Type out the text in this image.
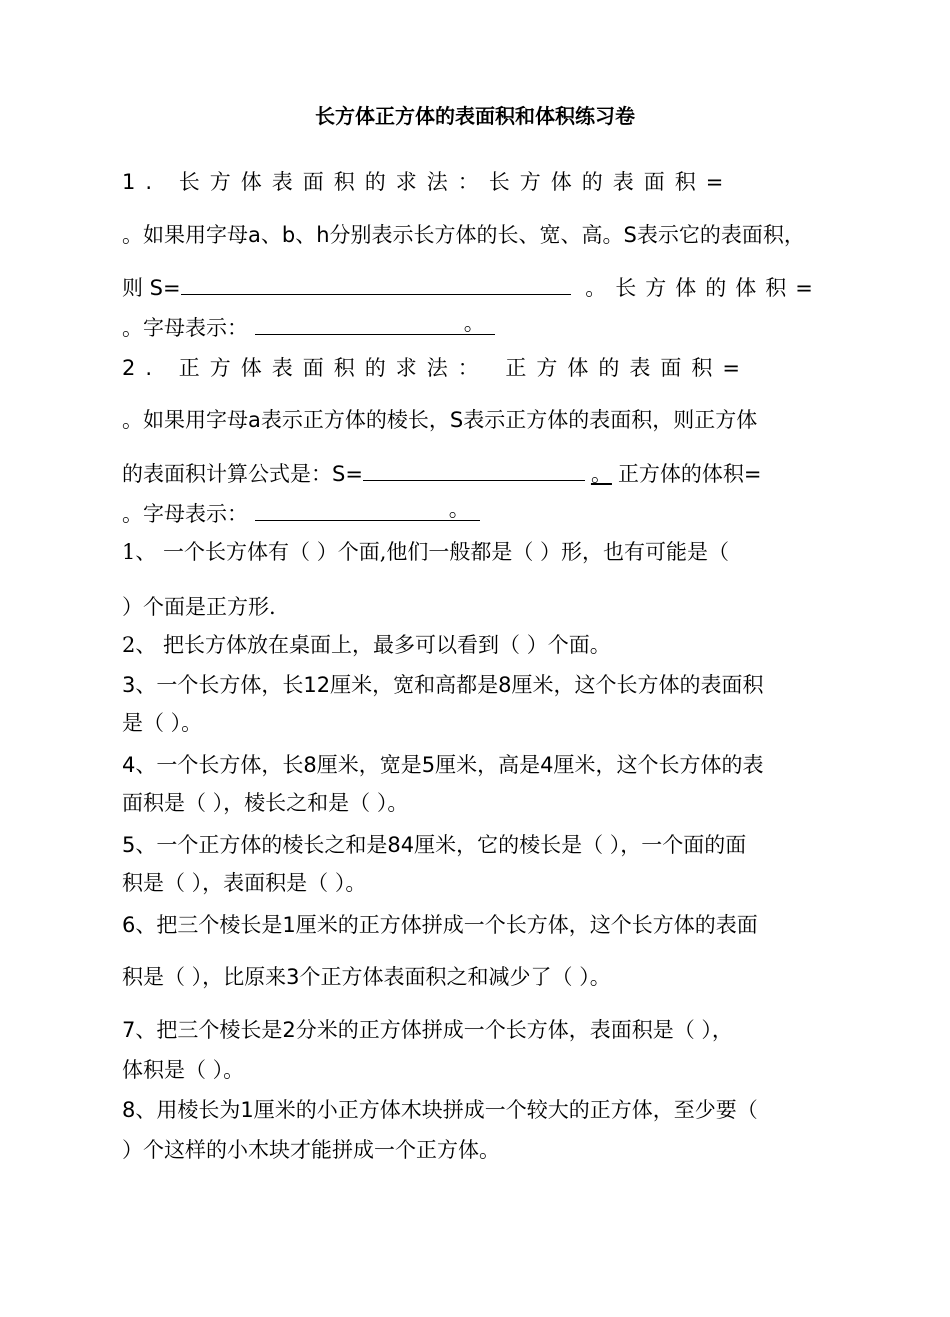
长方体正方体的表面积和体积练习卷
1. 长方体表面积的求法：长方体的表面积=
。如果用字母a、b、h分别表示长方体的长、宽、高。S表示它的表面积，
则 S=	。长方体的体积=
。字母表示：	。
2. 正方体表面积的求法： 正方体的表面积=
。如果用字母a表示正方体的棱长，S表示正方体的表面积，则正方体
的表面积计算公式是：S=	。 正方体的体积=
。字母表示：	。
1、 一个长方体有（ ）个面,他们一般都是（ ）形，也有可能是（
）个面是正方形.
2、 把长方体放在桌面上，最多可以看到（ ）个面。
3、一个长方体，长12厘米，宽和高都是8厘米，这个长方体的表面积
是（ ）。
4、一个长方体，长8厘米，宽是5厘米，高是4厘米，这个长方体的表
面积是（ ），棱长之和是（ ）。
5、一个正方体的棱长之和是84厘米，它的棱长是（ ），一个面的面
积是（ ），表面积是（ ）。
6、把三个棱长是1厘米的正方体拼成一个长方体，这个长方体的表面
积是（ ），比原来3个正方体表面积之和减少了（ ）。
7、把三个棱长是2分米的正方体拼成一个长方体，表面积是（ ），
体积是（ ）。
8、用棱长为1厘米的小正方体木块拼成一个较大的正方体，至少要（
）个这样的小木块才能拼成一个正方体。
